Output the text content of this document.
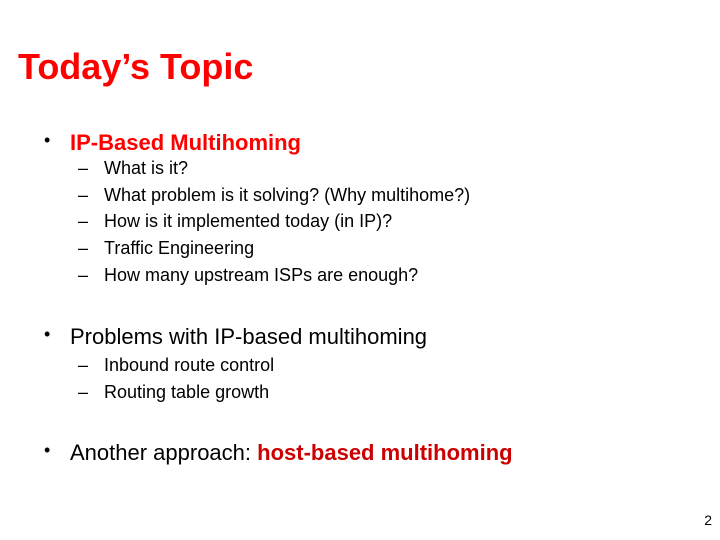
Today’s Topic
• IP-Based Multihoming
– What is it?
– What problem is it solving? (Why multihome?)
– How is it implemented today (in IP)?
– Traffic Engineering
– How many upstream ISPs are enough?
• Problems with IP-based multihoming
– Inbound route control
– Routing table growth
• Another approach: host-based multihoming
2
